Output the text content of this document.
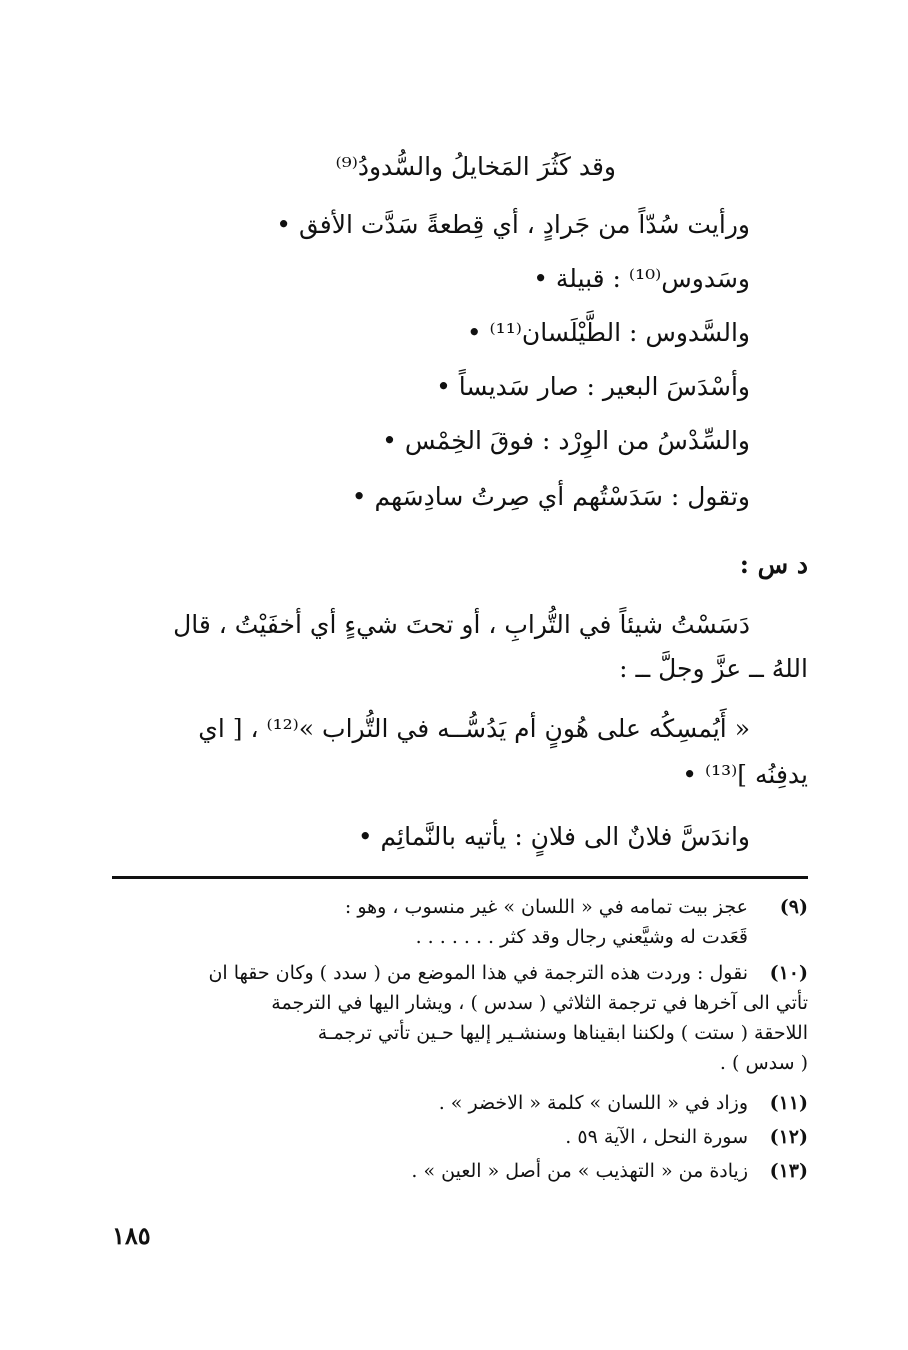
وقد كَثُرَ المَخايلُ والسُّدودُ⁽⁹⁾
ورأيت سُدّاً من جَرادٍ ، أي قِطعةً سَدَّت الأفق •
وسَدوس⁽¹⁰⁾ : قبيلة •
والسَّدوس : الطَّيْلَسان⁽¹¹⁾ •
وأسْدَسَ البعير : صار سَديساً •
والسِّدْسُ من الوِرْد : فوقَ الخِمْس •
وتقول : سَدَسْتُهم أي صِرتُ سادِسَهم •
د س :
دَسَسْتُ شيئاً في التُّرابِ ، أو تحتَ شيءٍ أي أخفَيْتُ ، قال
اللهُ ــ عزَّ وجلَّ ــ :
« أَيُمسِكُه على هُونٍ أم يَدُسُّــه في التُّراب »⁽¹²⁾ ، [ اي
يدفِنُه ]⁽¹³⁾ •
واندَسَّ فلانٌ الى فلانٍ : يأتيه بالنَّمائِم •
(٩)
عجز بيت تمامه في « اللسان » غير منسوب ، وهو :
قَعَدت له وشيَّعني رجال وقد كثر . . . . . . .
(١٠)
نقول : وردت هذه الترجمة في هذا الموضع من ( سدد ) وكان حقها ان
تأتي الى آخرها في ترجمة الثلاثي ( سدس ) ، ويشار اليها في الترجمة
اللاحقة ( ستت ) ولكننا ابقيناها وسنشـير إليها حـين تأتي ترجمـة
( سدس ) .
(١١)
وزاد في « اللسان » كلمة « الاخضر » .
(١٢)
سورة النحل ، الآية ٥٩ .
(١٣)
زيادة من « التهذيب » من أصل « العين » .
١٨٥
